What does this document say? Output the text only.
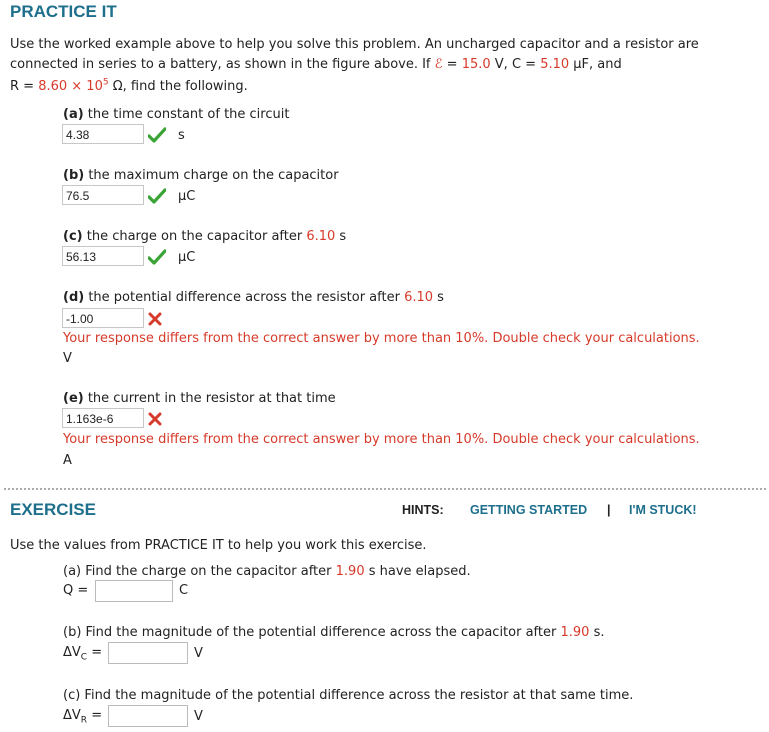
PRACTICE IT
Use the worked example above to help you solve this problem. An uncharged capacitor and a resistor are
connected in series to a battery, as shown in the figure above. If ℰ = 15.0 V, C = 5.10 μF, and
$R = 8.60 \times 10^5$ Ω, find the following.
(a) the time constant of the circuit
4.38	s
(b) the maximum charge on the capacitor
76.5	μC
(c) the charge on the capacitor after 6.10 s
56.13	μC
(d) the potential difference across the resistor after 6.10 s
-1.00
Your response differs from the correct answer by more than 10%. Double check your calculations.
V
(e) the current in the resistor at that time
1.163e-6
Your response differs from the correct answer by more than 10%. Double check your calculations.
A
EXERCISE	HINTS: GETTING STARTED | I'M STUCK!
Use the values from PRACTICE IT to help you work this exercise.
(a) Find the charge on the capacitor after 1.90 s have elapsed.
Q =	C
(b) Find the magnitude of the potential difference across the capacitor after 1.90 s.
$\Delta V_C$ =	V
(c) Find the magnitude of the potential difference across the resistor at that same time.
$\Delta V_R$ =	V
